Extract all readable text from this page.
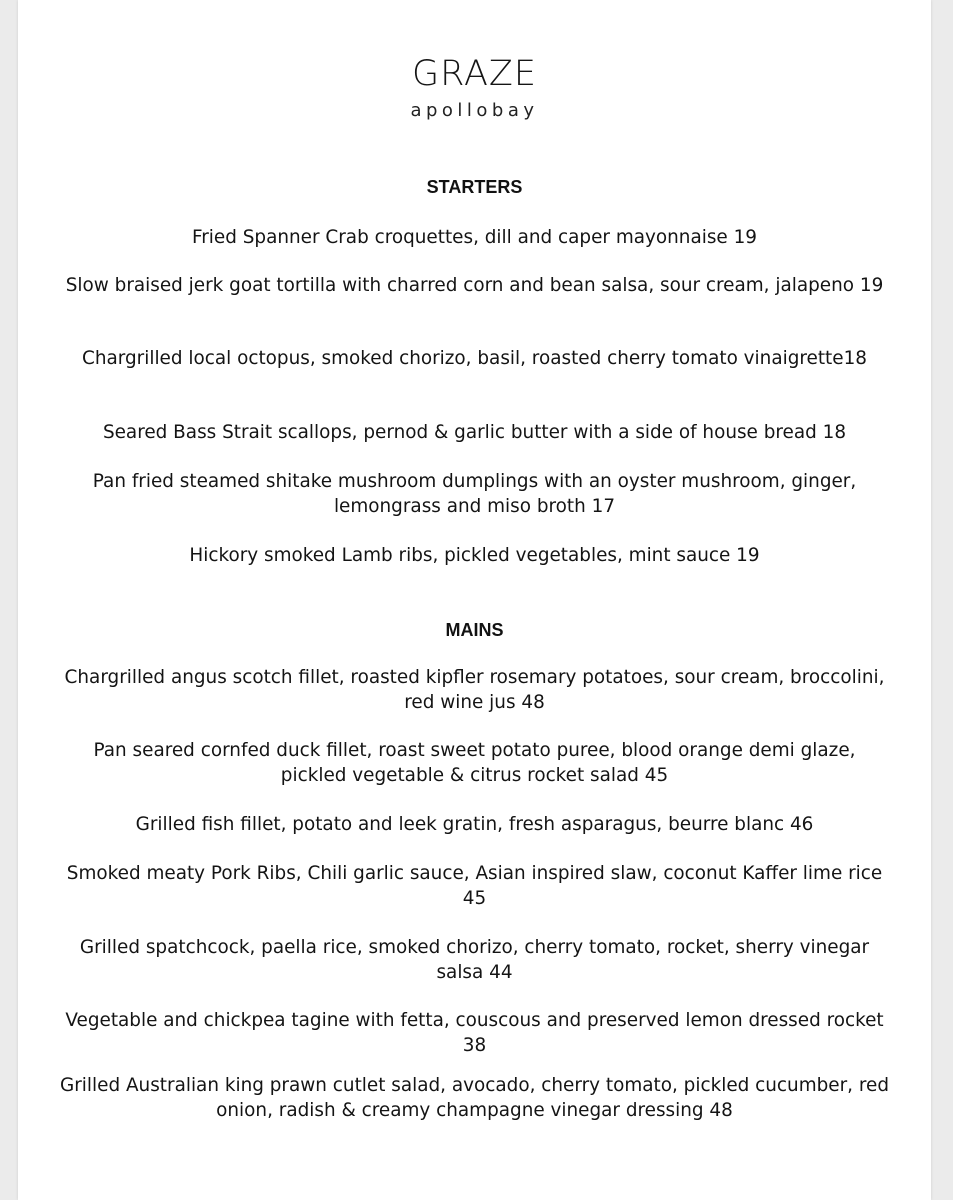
GRAZE
apollobay
STARTERS
Fried Spanner Crab croquettes, dill and caper mayonnaise 19
Slow braised jerk goat tortilla with charred corn and bean salsa, sour cream, jalapeno 19
Chargrilled local octopus, smoked chorizo, basil, roasted cherry tomato vinaigrette18
Seared Bass Strait scallops, pernod & garlic butter with a side of house bread 18
Pan fried steamed shitake mushroom dumplings with an oyster mushroom, ginger, lemongrass and miso broth 17
Hickory smoked Lamb ribs, pickled vegetables, mint sauce 19
MAINS
Chargrilled angus scotch fillet, roasted kipfler rosemary potatoes, sour cream, broccolini, red wine jus 48
Pan seared cornfed duck fillet, roast sweet potato puree, blood orange demi glaze, pickled vegetable & citrus rocket salad 45
Grilled fish fillet, potato and leek gratin, fresh asparagus, beurre blanc 46
Smoked meaty Pork Ribs, Chili garlic sauce, Asian inspired slaw, coconut Kaffer lime rice 45
Grilled spatchcock, paella rice, smoked chorizo, cherry tomato, rocket, sherry vinegar salsa 44
Vegetable and chickpea tagine with fetta, couscous and preserved lemon dressed rocket 38
Grilled Australian king prawn cutlet salad, avocado, cherry tomato, pickled cucumber, red onion, radish & creamy champagne vinegar dressing 48
